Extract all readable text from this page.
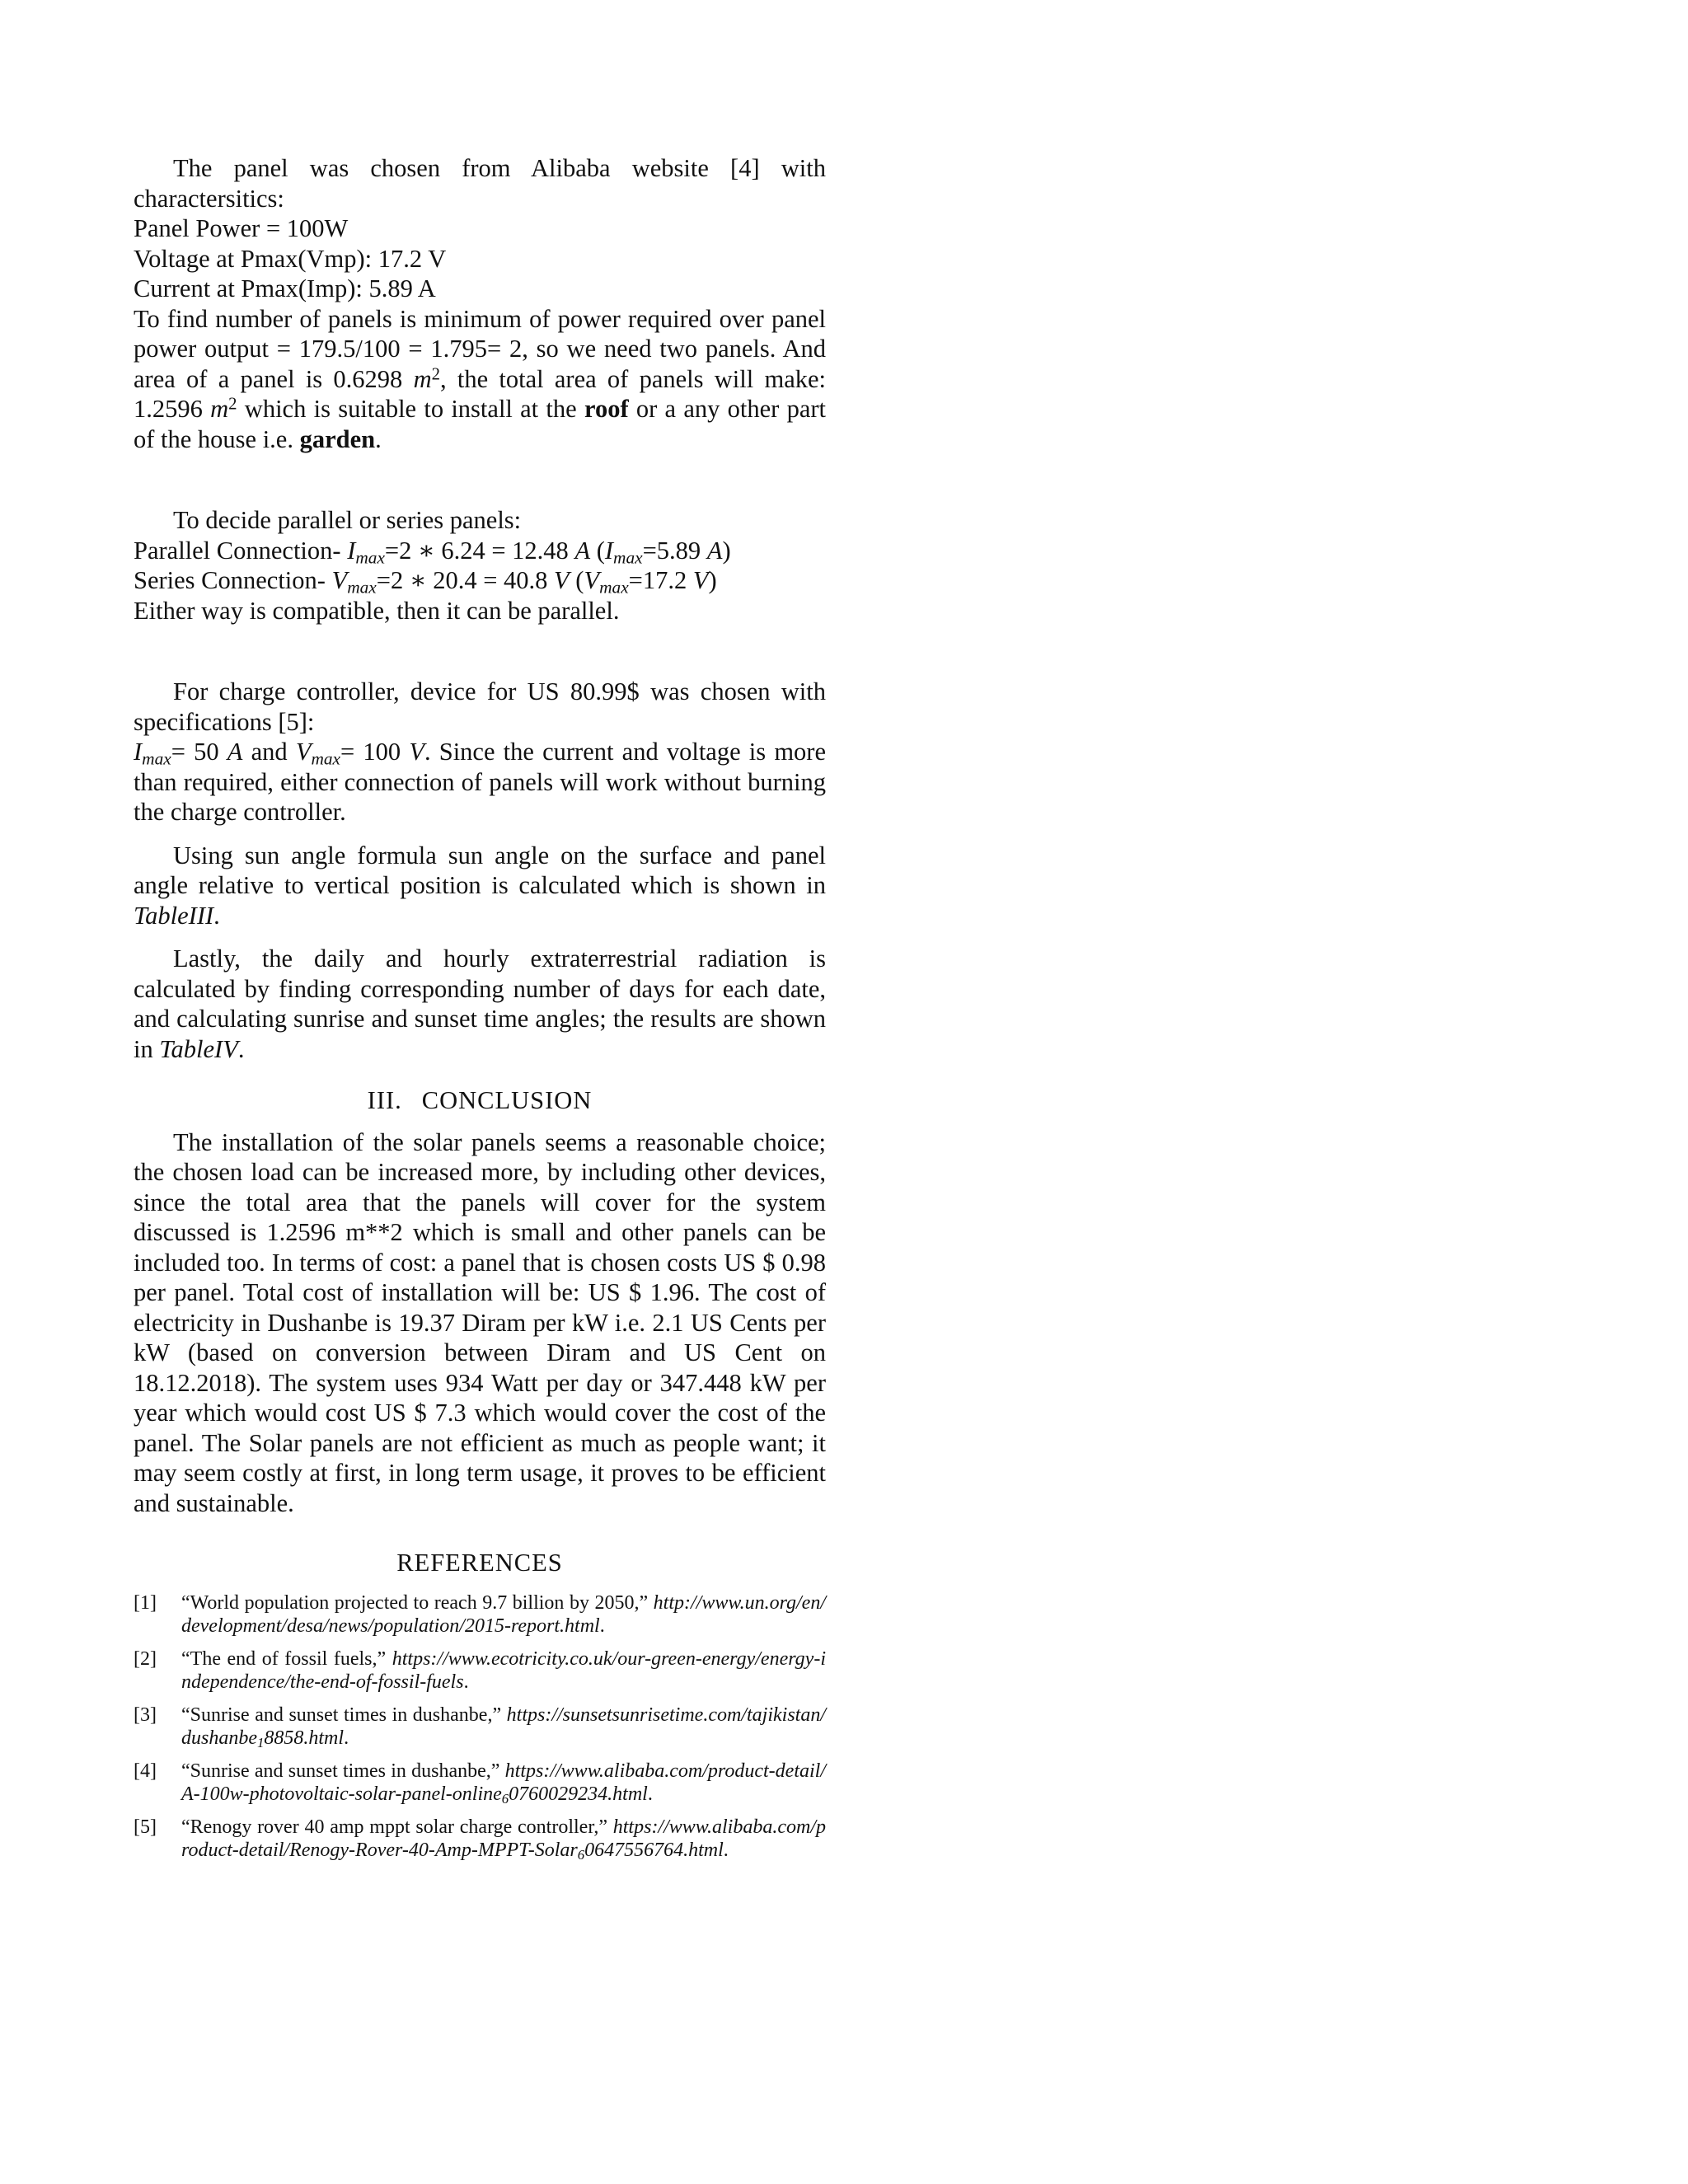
The panel was chosen from Alibaba website [4] with charactersitics:

Panel Power = 100W

Voltage at Pmax(Vmp): 17.2 V

Current at Pmax(Imp): 5.89 A

To find number of panels is minimum of power required over panel power output = 179.5/100 = 1.795= 2, so we need two panels. And area of a panel is 0.6298 $m^2$, the total area of panels will make: 1.2596 $m^2$ which is suitable to install at the roof or a any other part of the house i.e. garden.

To decide parallel or series panels:

Parallel Connection- $I_{max}=2$ ∗ 6.24 = 12.48 A ($I_{max}=5.89$ A)

Series Connection- $V_{max}=2$ ∗ 20.4 = 40.8 V ($V_{max}=17.2$ V)

Either way is compatible, then it can be parallel.

For charge controller, device for US 80.99$ was chosen with specifications [5]:

$I_{max}= 50$ A and $V_{max}= 100$ V. Since the current and voltage is more than required, either connection of panels will work without burning the charge controller.

Using sun angle formula sun angle on the surface and panel angle relative to vertical position is calculated which is shown in TableIII.

Lastly, the daily and hourly extraterrestrial radiation is calculated by finding corresponding number of days for each date, and calculating sunrise and sunset time angles; the results are shown in TableIV.

III. CONCLUSION

The installation of the solar panels seems a reasonable choice; the chosen load can be increased more, by including other devices, since the total area that the panels will cover for the system discussed is 1.2596 m**2 which is small and other panels can be included too. In terms of cost: a panel that is chosen costs US $ 0.98 per panel. Total cost of installation will be: US $ 1.96. The cost of electricity in Dushanbe is 19.37 Diram per kW i.e. 2.1 US Cents per kW (based on conversion between Diram and US Cent on 18.12.2018). The system uses 934 Watt per day or 347.448 kW per year which would cost US $ 7.3 which would cover the cost of the panel. The Solar panels are not efficient as much as people want; it may seem costly at first, in long term usage, it proves to be efficient and sustainable.

REFERENCES
[1]	“World population projected to reach 9.7 billion by 2050,” http://www.un.org/en/development/desa/news/population/2015-report.html.
[2]	“The end of fossil fuels,” https://www.ecotricity.co.uk/our-green-energy/energy-independence/the-end-of-fossil-fuels.
[3]	“Sunrise and sunset times in dushanbe,” https://sunsetsunrisetime.com/tajikistan/dushanbe$_1$8858.html.
[4]	“Sunrise and sunset times in dushanbe,” https://www.alibaba.com/product-detail/A-100w-photovoltaic-solar-panel-online$_6$0760029234.html.
[5]	“Renogy rover 40 amp mppt solar charge controller,” https://www.alibaba.com/product-detail/Renogy-Rover-40-Amp-MPPT-Solar$_6$0647556764.html.
